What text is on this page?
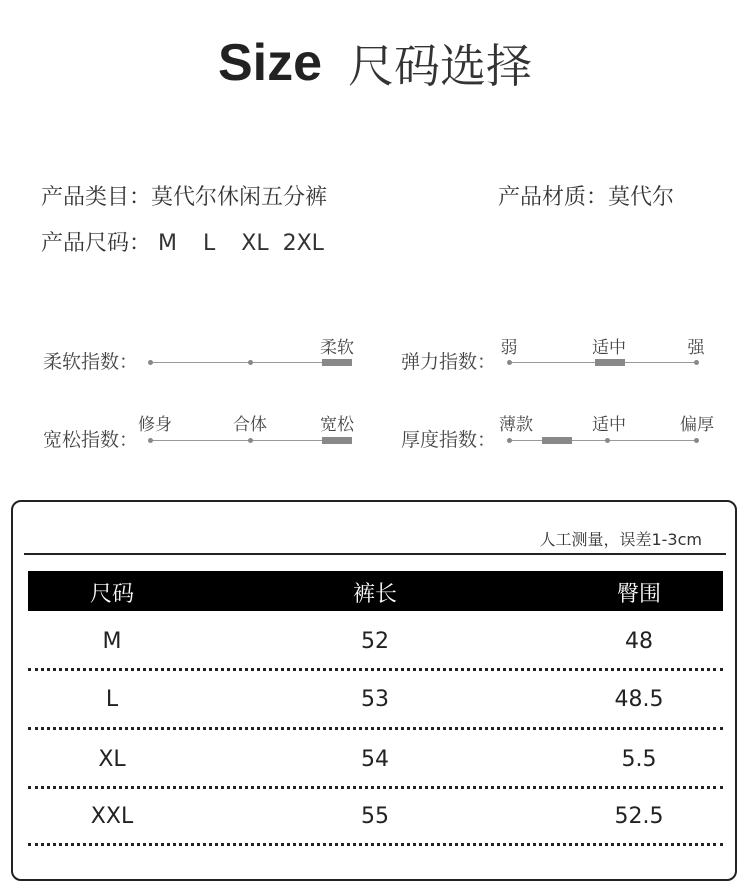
Size 尺码选择
产品类目：莫代尔休闲五分裤	产品材质：莫代尔
产品尺码： M L XL 2XL
柔软指数：
柔软
弹力指数：
弱	适中	强
宽松指数：
修身	合体	宽松
厚度指数：
薄款	适中	偏厚
人工测量，误差1-3cm
尺码	裤长	臀围
M	52	48
L	53	48.5
XL	54	5.5
XXL	55	52.5
